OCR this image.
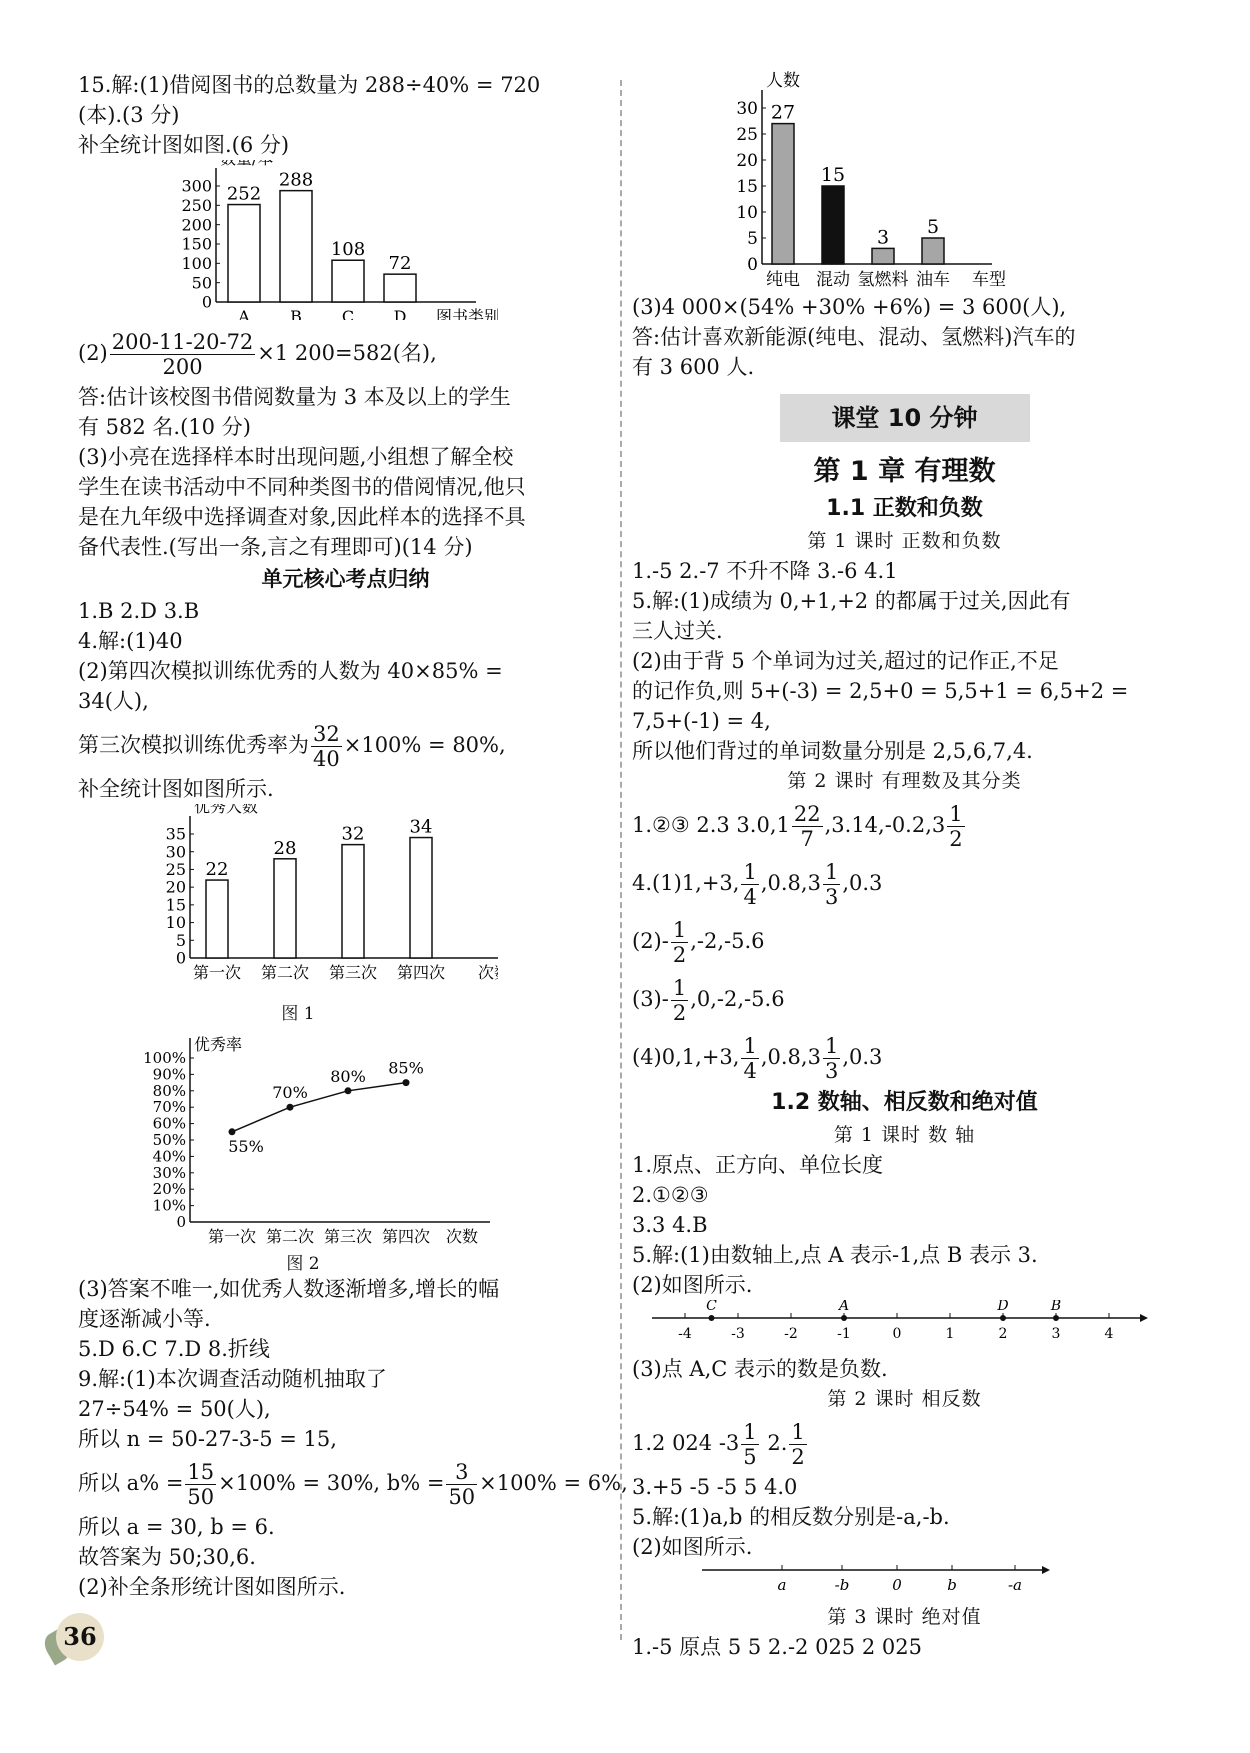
15.解:(1)借阅图书的总数量为 288÷40% = 720
(本).(3 分)
补全统计图如图.(6 分)
0
50
100
150
200
250
300 252
A
288
B
108
C
72
D 图书类别
$(2) \frac{200-11-20-72}{200} \times 1$ 200=582(名),
答:估计该校图书借阅数量为 3 本及以上的学生
有 582 名.(10 分)
(3)小亮在选择样本时出现问题,小组想了解全校
学生在读书活动中不同种类图书的借阅情况,他只
是在九年级中选择调查对象,因此样本的选择不具
备代表性.(写出一条,言之有理即可)(14 分)
单元核心考点归纳
1.B 2.D 3.B
4.解:(1)40
(2)第四次模拟训练优秀的人数为 40×85% =
34(人),
第三次模拟训练优秀率为 $\frac{32}{40} \times 100\% = 80\%$,
补全统计图如图所示.
0
5
10
15
20
25
30
35
优秀人数
22
第一次
28
第二次
32
第三次
34
第四次 次
图 1
0
10%
20%
30%
40%
50%
60%
70%
80%
90%
100%
优秀率
55%
第一次
70%
第二次
80%
第三次
85%
第四次 次数
图 2
(3)答案不唯一,如优秀人数逐渐增多,增长的幅
度逐渐减小等.
5.D 6.C 7.D 8.折线
9.解:(1)本次调查活动随机抽取了
27÷54% = 50(人),
所以 n = 50-27-3-5 = 15,
所以 $a\% = \frac{15}{50} \times 100\% = 30\%$, $b\% = \frac{3}{50} \times 100\% = 6\%$,
所以 a = 30, b = 6.
故答案为 50;30,6.
(2)补全条形统计图如图所示.
0
5
10
15
20
25
30
人数
27
纯电
15
混动
3
氢燃料
5
油车 车型
(3)4 000×(54% +30% +6%) = 3 600(人),
答:估计喜欢新能源(纯电、混动、氢燃料)汽车的
有 3 600 人.
课堂 10 分钟
第 1 章 有理数
1.1 正数和负数
第 1 课时 正数和负数
1.-5 2.-7 不升不降 3.-6 4.1
5.解:(1)成绩为 0,+1,+2 的都属于过关,因此有
三人过关.
(2)由于背 5 个单词为过关,超过的记作正,不足
的记作负,则 5+(-3) = 2,5+0 = 5,5+1 = 6,5+2 =
7,5+(-1) = 4,
所以他们背过的单词数量分别是 2,5,6,7,4.
第 2 课时 有理数及其分类
1.②③ 2.3 $3.0,1 \frac{22}{7} ,3.14,-0.2,3 \frac{1}{2}$
4.(1)1,+3, $\frac{1}{4} ,0.8,3 \frac{1}{3} ,0.3$
$(2)- \frac{1}{2} ,-2,-5.6$
$(3)- \frac{1}{2} ,0,-2,-5.6$
(4)0,1,+3, $\frac{1}{4} ,0.8,3 \frac{1}{3} ,0.3$
1.2 数轴、相反数和绝对值
第 1 课时 数 轴
1.原点、正方向、单位长度
2.①②③
3.3 4.B
5.解:(1)由数轴上,点 A 表示-1,点 B 表示 3.
(2)如图所示.
-4	-3	-2	-1	0	1	2	3	4
C	A	D	B
(3)点 A,C 表示的数是负数.
第 2 课时 相反数
1.2 024 $-3 \frac{1}{5} 2$. $\frac{1}{2}$
3.+5 -5 -5 5 4.0
5.解:(1)a,b 的相反数分别是-a,-b.
(2)如图所示.
a	-b	0	b	-a
第 3 课时 绝对值
1.-5 原点 5 5 2.-2 025 2 025
36
